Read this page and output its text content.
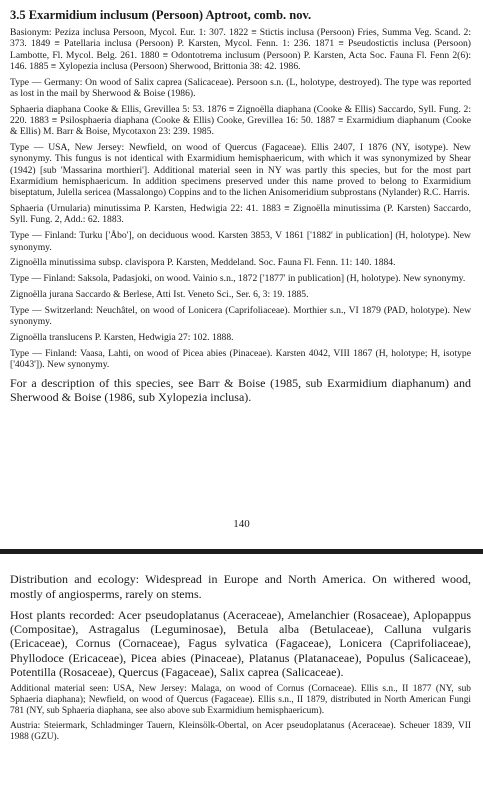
3.5 Exarmidium inclusum (Persoon) Aptroot, comb. nov.

Basionym: Peziza inclusa Persoon, Mycol. Eur. 1: 307. 1822 ≡ Stictis inclusa (Persoon) Fries, Summa Veg. Scand. 2: 373. 1849 ≡ Patellaria inclusa (Persoon) P. Karsten, Mycol. Fenn. 1: 236. 1871 ≡ Pseudostictis inclusa (Persoon) Lambotte, Fl. Mycol. Belg. 261. 1880 ≡ Odontotrema inclusum (Persoon) P. Karsten, Acta Soc. Fauna Fl. Fenn 2(6): 146. 1885 ≡ Xylopezia inclusa (Persoon) Sherwood, Brittonia 38: 42. 1986.

Type — Germany: On wood of Salix caprea (Salicaceae). Persoon s.n. (L, holotype, destroyed). The type was reported as lost in the mail by Sherwood & Boise (1986).

Sphaeria diaphana Cooke & Ellis, Grevillea 5: 53. 1876 ≡ Zignoëlla diaphana (Cooke & Ellis) Saccardo, Syll. Fung. 2: 220. 1883 ≡ Psilosphaeria diaphana (Cooke & Ellis) Cooke, Grevillea 16: 50. 1887 ≡ Exarmidium diaphanum (Cooke & Ellis) M. Barr & Boise, Mycotaxon 23: 239. 1985.

Type — USA, New Jersey: Newfield, on wood of Quercus (Fagaceae). Ellis 2407, I 1876 (NY, isotype). New synonymy. This fungus is not identical with Exarmidium hemisphaericum, with which it was synonymized by Shear (1942) [sub 'Massarina morthieri']. Additional material seen in NY was partly this species, but for the most part Exarmidium hemisphaericum. In addition specimens preserved under this name proved to belong to Exarmidium biseptatum, Julella sericea (Massalongo) Coppins and to the lichen Anisomeridium subprostans (Nylander) R.C. Harris.

Sphaeria (Urnularia) minutissima P. Karsten, Hedwigia 22: 41. 1883 ≡ Zignoëlla minutissima (P. Karsten) Saccardo, Syll. Fung. 2, Add.: 62. 1883.

Type — Finland: Turku ['Åbo'], on deciduous wood. Karsten 3853, V 1861 ['1882' in publication] (H, holotype). New synonymy.

Zignoëlla minutissima subsp. clavispora P. Karsten, Meddeland. Soc. Fauna Fl. Fenn. 11: 140. 1884.

Type — Finland: Saksola, Padasjoki, on wood. Vainio s.n., 1872 ['1877' in publication] (H, holotype). New synonymy.

Zignoëlla jurana Saccardo & Berlese, Atti Ist. Veneto Sci., Ser. 6, 3: 19. 1885.

Type — Switzerland: Neuchâtel, on wood of Lonicera (Caprifoliaceae). Morthier s.n., VI 1879 (PAD, holotype). New synonymy.

Zignoëlla translucens P. Karsten, Hedwigia 27: 102. 1888.

Type — Finland: Vaasa, Lahti, on wood of Picea abies (Pinaceae). Karsten 4042, VIII 1867 (H, holotype; H, isotype ['4043']). New synonymy.

For a description of this species, see Barr & Boise (1985, sub Exarmidium diaphanum) and Sherwood & Boise (1986, sub Xylopezia inclusa).

140

Distribution and ecology: Widespread in Europe and North America. On withered wood, mostly of angiosperms, rarely on stems.

Host plants recorded: Acer pseudoplatanus (Aceraceae), Amelanchier (Rosaceae), Aplopappus (Compositae), Astragalus (Leguminosae), Betula alba (Betulaceae), Calluna vulgaris (Ericaceae), Cornus (Cornaceae), Fagus sylvatica (Fagaceae), Lonicera (Caprifoliaceae), Phyllodoce (Ericaceae), Picea abies (Pinaceae), Platanus (Platanaceae), Populus (Salicaceae), Potentilla (Rosaceae), Quercus (Fagaceae), Salix caprea (Salicaceae).

Additional material seen: USA, New Jersey: Malaga, on wood of Cornus (Cornaceae). Ellis s.n., II 1877 (NY, sub Sphaeria diaphana); Newfield, on wood of Quercus (Fagaceae). Ellis s.n., II 1879, distributed in North American Fungi 781 (NY, sub Sphaeria diaphana, see also above sub Exarmidium hemisphaericum).

Austria: Steiermark, Schladminger Tauern, Kleinsölk-Obertal, on Acer pseudoplatanus (Aceraceae). Scheuer 1839, VII 1988 (GZU).
